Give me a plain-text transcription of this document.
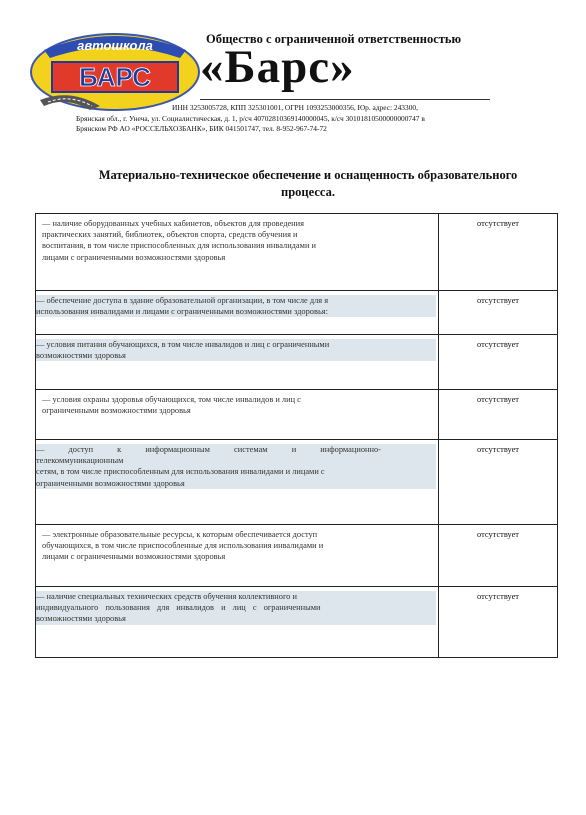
автошкола
БАРС
Общество с ограниченной ответственностью
«Барс»
ИНН 3253005728, КПП 325301001, ОГРН 1093253000356, Юр. адрес: 243300,
Брянская обл., г. Унеча, ул. Социалистическая, д. 1, р/сч 40702810369140000045, к/сч 30101810500000000747 в
Брянском РФ АО «РОССЕЛЬХОЗБАНК», БИК 041501747, тел. 8-952-967-74-72
Материально-техническое обеспечение и оснащенность образовательного
процесса.
— наличие оборудованных учебных кабинетов, объектов для проведения
практических занятий, библиотек, объектов спорта, средств обучения и
воспитания, в том числе приспособленных для использования инвалидами и
лицами с ограниченными возможностями здоровья	отсутствует

— обеспечение доступа в здание образовательной организации, в том числе для я
использования инвалидами и лицами с ограниченными возможностями здоровья:	отсутствует

— условия питания обучающихся, в том числе инвалидов и лиц с ограниченными
возможностями здоровья	отсутствует

— условия охраны здоровья обучающихся, том числе инвалидов и лиц с
ограниченными возможностями здоровья	отсутствует

— доступ к информационным системам и информационно-
телекоммуникационным
сетям, в том числе приспособленным для использования инвалидами и лицами с
ограниченными возможностями здоровья	отсутствует

— электронные образовательные ресурсы, к которым обеспечивается доступ
обучающихся, в том числе приспособленные для использования инвалидами и
лицами с ограниченными возможностями здоровья	отсутствует

— наличие специальных технических средств обучения коллективного и
индивидуального пользования для инвалидов и лиц с ограниченными
возможностями здоровья	отсутствует
